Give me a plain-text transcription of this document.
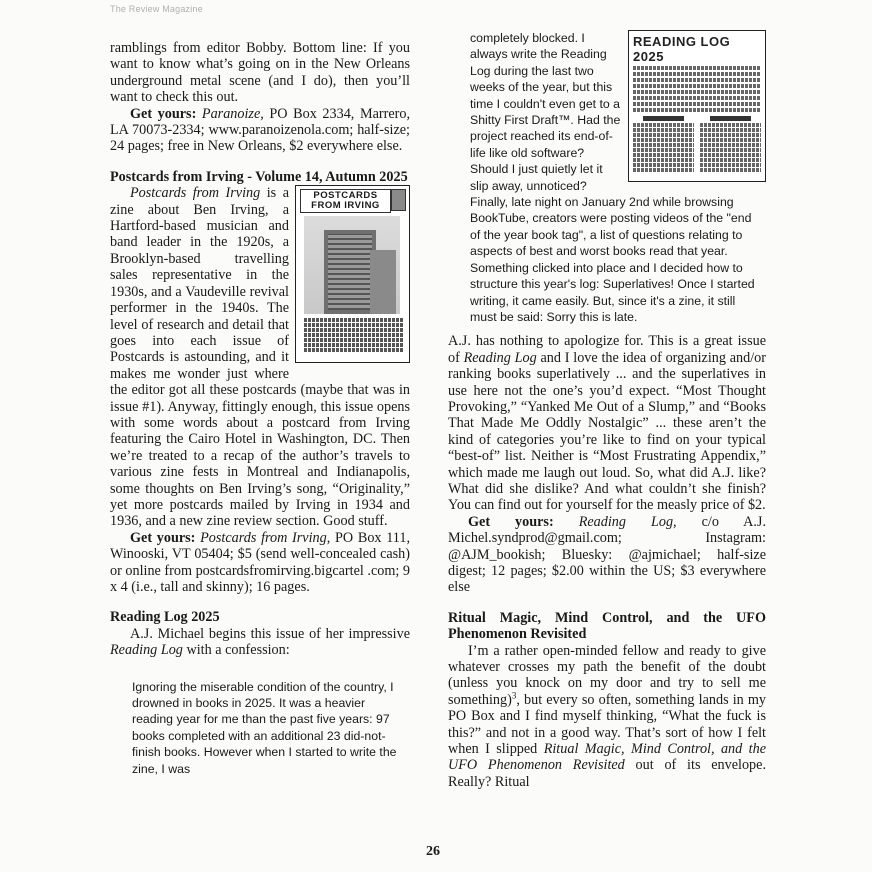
The Review Magazine

ramblings from editor Bobby. Bottom line: If you want to know what’s going on in the New Orleans underground metal scene (and I do), then you’ll want to check this out.

Get yours: Paranoize, PO Box 2334, Marrero, LA 70073-2334; www.paranoizenola.com; half-size; 24 pages; free in New Orleans, $2 everywhere else.

Postcards from Irving - Volume 14, Autumn 2025

POSTCARDS
FROM IRVING

Postcards from Irving is a zine about Ben Irving, a Hartford-based musician and band leader in the 1920s, a Brooklyn-based travelling sales representative in the 1930s, and a Vaudeville revival performer in the 1940s. The level of research and detail that goes into each issue of Postcards is astounding, and it makes me wonder just where the editor got all these postcards (maybe that was in issue #1). Anyway, fittingly enough, this issue opens with some words about a postcard from Irving featuring the Cairo Hotel in Washington, DC. Then we’re treated to a recap of the author’s travels to various zine fests in Montreal and Indianapolis, some thoughts on Ben Irving’s song, “Originality,” yet more postcards mailed by Irving in 1934 and 1936, and a new zine review section. Good stuff.

Get yours: Postcards from Irving, PO Box 111, Winooski, VT 05404; $5 (send well-concealed cash) or online from postcardsfromirving.bigcartel .com; 9 x 4 (i.e., tall and skinny); 16 pages.

Reading Log 2025

A.J. Michael begins this issue of her impressive Reading Log with a confession:

Ignoring the miserable condition of the country, I drowned in books in 2025. It was a heavier reading year for me than the past five years: 97 books completed with an additional 23 did-not-finish books. However when I started to write the zine, I was

READING LOG 2025

completely blocked. I always write the Reading Log during the last two weeks of the year, but this time I couldn't even get to a Shitty First Draft™. Had the project reached its end-of-life like old software? Should I just quietly let it slip away, unnoticed? Finally, late night on January 2nd while browsing BookTube, creators were posting videos of the "end of the year book tag", a list of questions relating to aspects of best and worst books read that year. Something clicked into place and I decided how to structure this year's log: Superlatives! Once I started writing, it came easily. But, since it's a zine, it still must be said: Sorry this is late.

A.J. has nothing to apologize for. This is a great issue of Reading Log and I love the idea of organizing and/or ranking books superlatively ... and the superlatives in use here not the one’s you’d expect. “Most Thought Provoking,” “Yanked Me Out of a Slump,” and “Books That Made Me Oddly Nostalgic” ... these aren’t the kind of categories you’re like to find on your typical “best-of” list. Neither is “Most Frustrating Appendix,” which made me laugh out loud. So, what did A.J. like? What did she dislike? And what couldn’t she finish? You can find out for yourself for the measly price of $2.

Get yours: Reading Log, c/o A.J. Michel.syndprod@gmail.com; Instagram: @AJM_bookish; Bluesky: @ajmichael; half-size digest; 12 pages; $2.00 within the US; $3 everywhere else

Ritual Magic, Mind Control, and the UFO Phenomenon Revisited

I’m a rather open-minded fellow and ready to give whatever crosses my path the benefit of the doubt (unless you knock on my door and try to sell me something)$^3$, but every so often, something lands in my PO Box and I find myself thinking, “What the fuck is this?” and not in a good way. That’s sort of how I felt when I slipped Ritual Magic, Mind Control, and the UFO Phenomenon Revisited out of its envelope. Really? Ritual

26
